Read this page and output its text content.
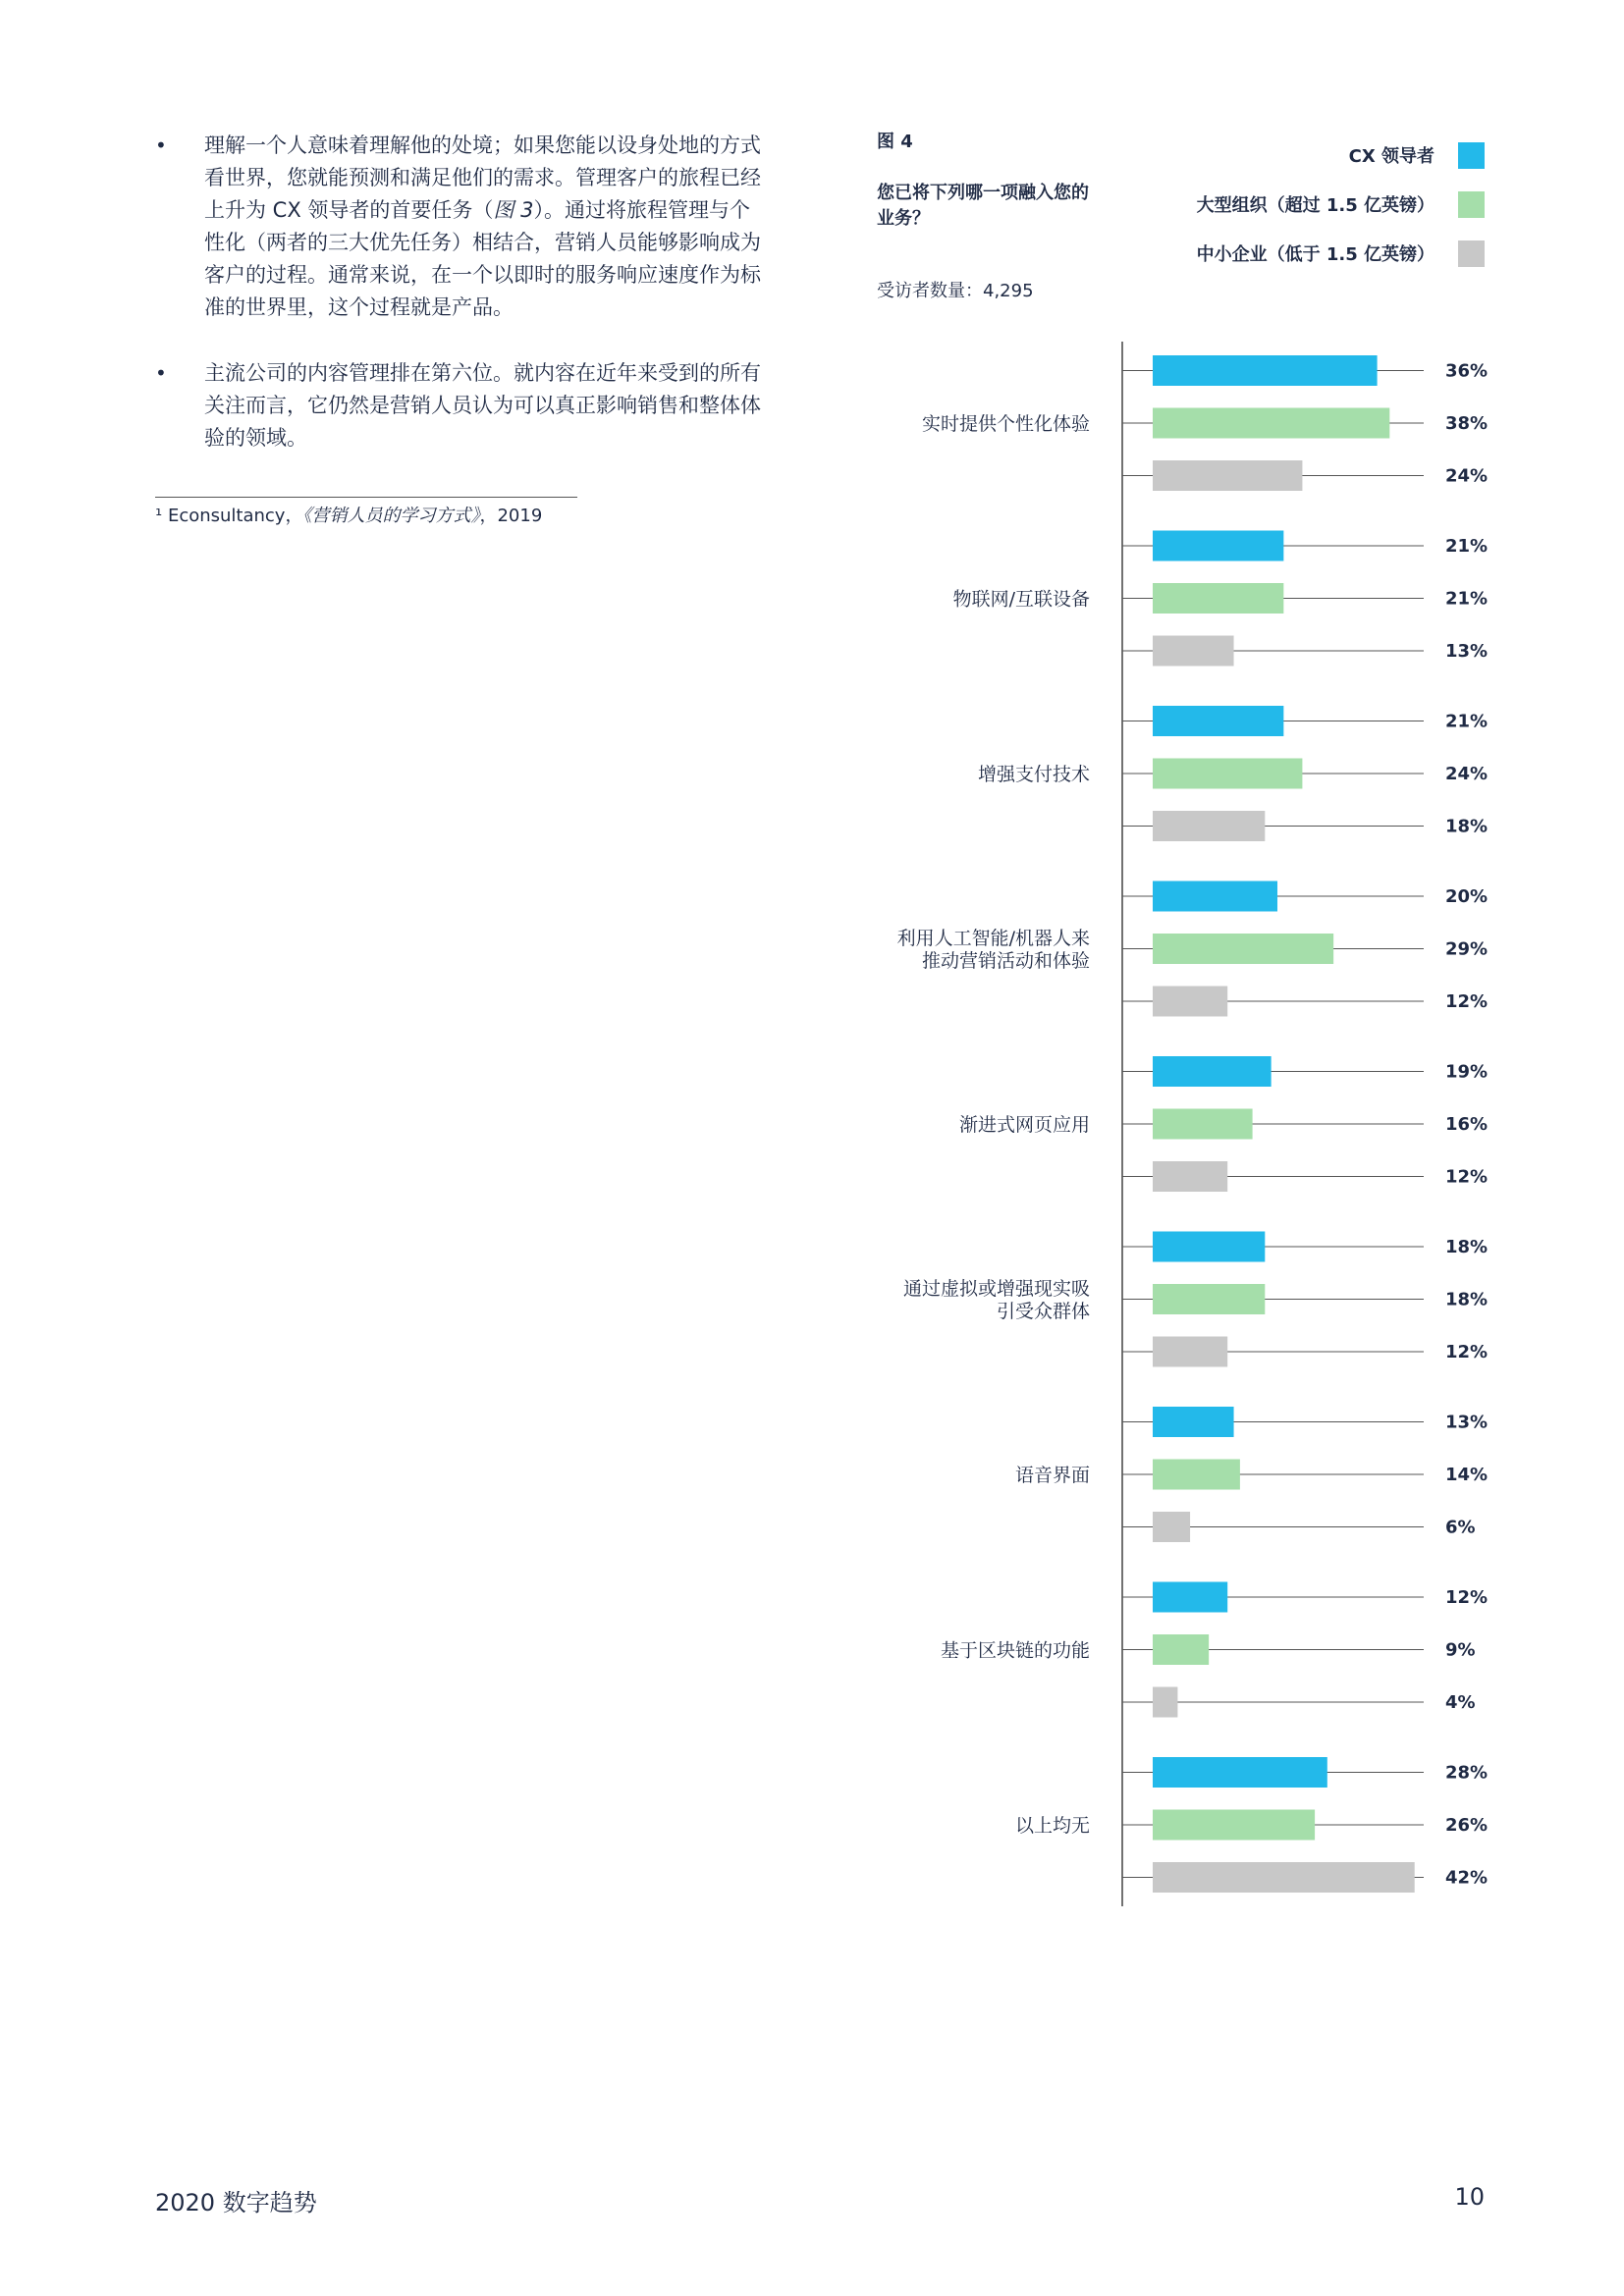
• 理解一个人意味着理解他的处境；如果您能以设身处地的方式看世界，您就能预测和满足他们的需求。管理客户的旅程已经上升为 CX 领导者的首要任务（图 3）。通过将旅程管理与个性化（两者的三大优先任务）相结合，营销人员能够影响成为客户的过程。通常来说，在一个以即时的服务响应速度作为标准的世界里，这个过程就是产品。
• 主流公司的内容管理排在第六位。就内容在近年来受到的所有关注而言，它仍然是营销人员认为可以真正影响销售和整体体验的领域。
¹ Econsultancy，《营销人员的学习方式》，2019
图 4
您已将下列哪一项融入您的业务？
受访者数量：4,295
CX 领导者
大型组织（超过 1.5 亿英镑）
中小企业（低于 1.5 亿英镑）
36%
38%
24%
实时提供个性化体验
21%
21%
13%
物联网/互联设备
21%
24%
18%
增强支付技术
20%
29%
12%
利用人工智能/机器人来
推动营销活动和体验
19%
16%
12%
渐进式网页应用
18%
18%
12%
通过虚拟或增强现实吸
引受众群体
13%
14%
6%
语音界面
12%
9%
4%
基于区块链的功能
28%
26%
42%
以上均无
2020 数字趋势	10
